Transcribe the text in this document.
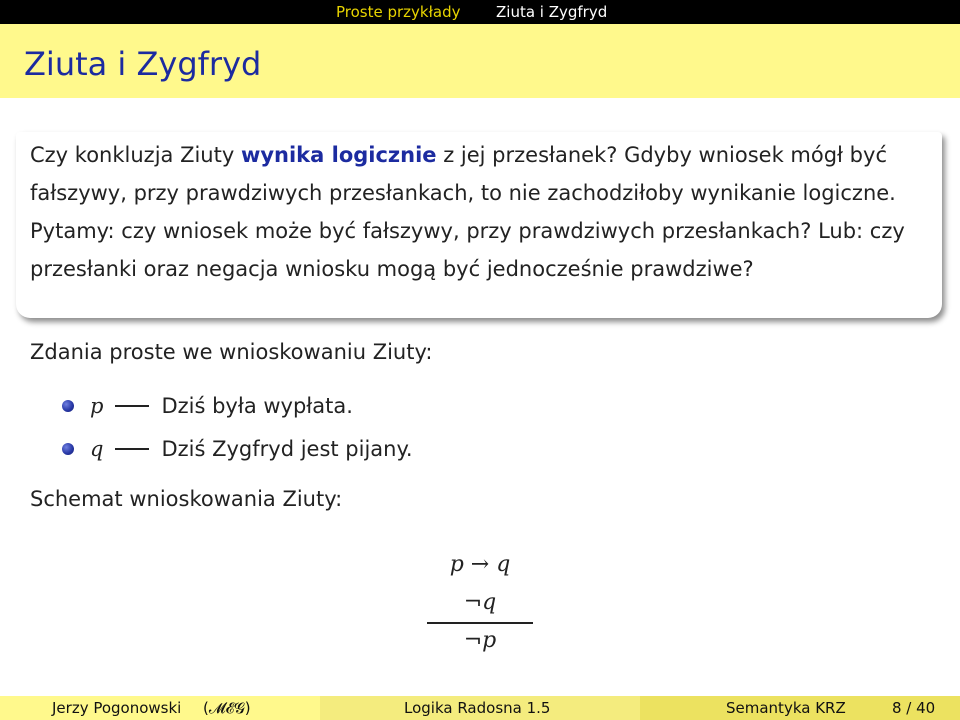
Proste przykłady Ziuta i Zygfryd
Ziuta i Zygfryd

Czy konkluzja Ziuty wynika logicznie z jej przesłanek? Gdyby wniosek mógł być fałszywy, przy prawdziwych przesłankach, to nie zachodziłoby wynikanie logiczne. Pytamy: czy wniosek może być fałszywy, przy prawdziwych przesłankach? Lub: czy przesłanki oraz negacja wniosku mogą być jednocześnie prawdziwe?

Zdania proste we wnioskowaniu Ziuty:
p	Dziś była wypłata.
q	Dziś Zygfryd jest pijany.
Schemat wnioskowania Ziuty:
p → q
¬q
¬p
Jerzy Pogonowski (𝓜𝓔𝓖)	Logika Radosna 1.5	Semantyka KRZ	8 / 40
